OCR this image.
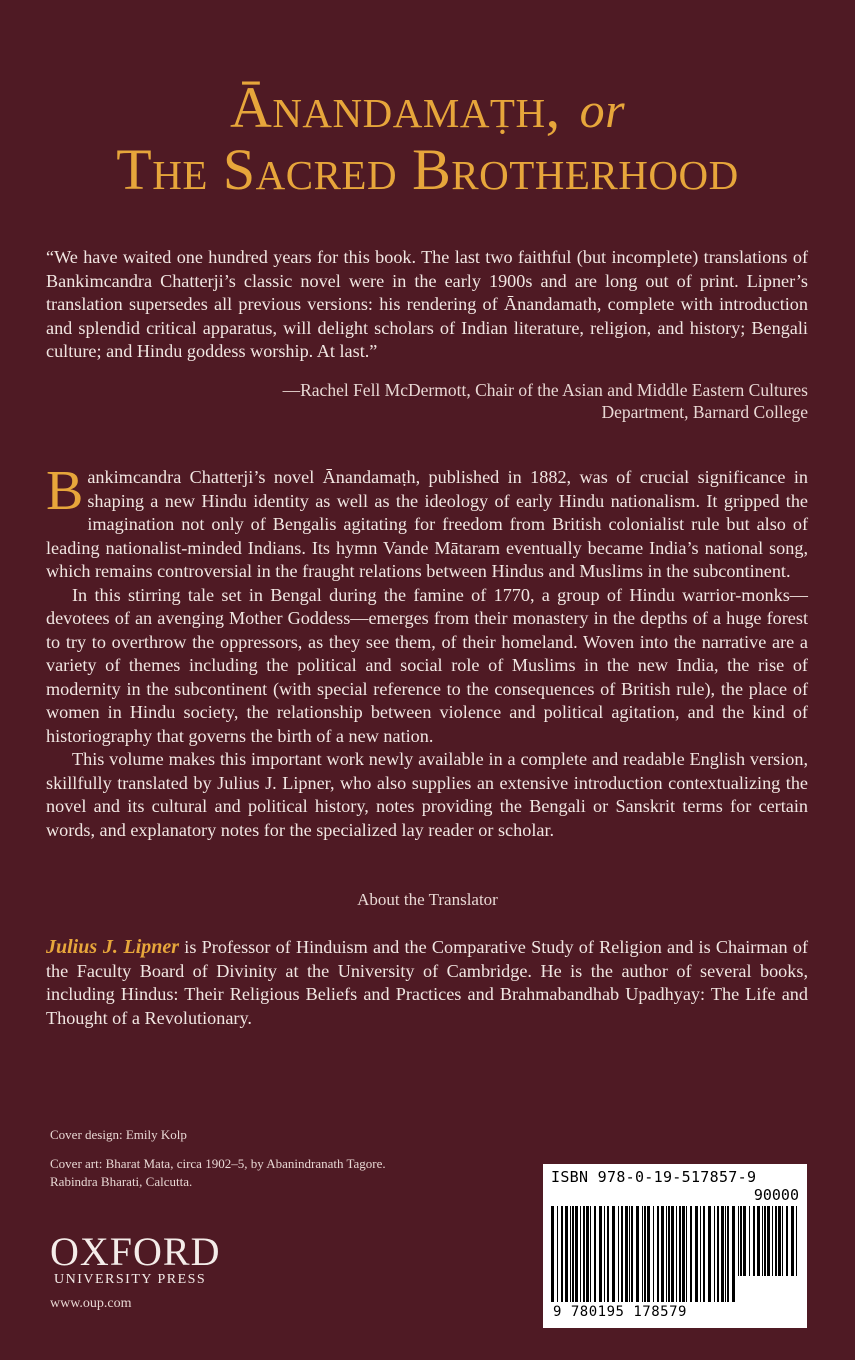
Ānandamaṭh, or
The Sacred Brotherhood
“We have waited one hundred years for this book. The last two faithful (but incomplete) translations of Bankimcandra Chatterji’s classic novel were in the early 1900s and are long out of print. Lipner’s translation supersedes all previous versions: his rendering of Ānandamath, complete with introduction and splendid critical apparatus, will delight scholars of Indian literature, religion, and history; Bengali culture; and Hindu goddess worship. At last.”
—Rachel Fell McDermott, Chair of the Asian and Middle Eastern Cultures
Department, Barnard College

Bankimcandra Chatterji’s novel Ānandamaṭh, published in 1882, was of crucial significance in shaping a new Hindu identity as well as the ideology of early Hindu nationalism. It gripped the imagination not only of Bengalis agitating for freedom from British colonialist rule but also of leading nationalist-minded Indians. Its hymn Vande Mātaram eventually became India’s national song, which remains controversial in the fraught relations between Hindus and Muslims in the subcontinent.

In this stirring tale set in Bengal during the famine of 1770, a group of Hindu warrior-monks—devotees of an avenging Mother Goddess—emerges from their monastery in the depths of a huge forest to try to overthrow the oppressors, as they see them, of their homeland. Woven into the narrative are a variety of themes including the political and social role of Muslims in the new India, the rise of modernity in the subcontinent (with special reference to the consequences of British rule), the place of women in Hindu society, the relationship between violence and political agitation, and the kind of historiography that governs the birth of a new nation.

This volume makes this important work newly available in a complete and readable English version, skillfully translated by Julius J. Lipner, who also supplies an extensive introduction contextualizing the novel and its cultural and political history, notes providing the Bengali or Sanskrit terms for certain words, and explanatory notes for the specialized lay reader or scholar.

About the Translator
Julius J. Lipner is Professor of Hinduism and the Comparative Study of Religion and is Chairman of the Faculty Board of Divinity at the University of Cambridge. He is the author of several books, including Hindus: Their Religious Beliefs and Practices and Brahmabandhab Upadhyay: The Life and Thought of a Revolutionary.
Cover design: Emily Kolp
Cover art: Bharat Mata, circa 1902–5, by Abanindranath Tagore.
Rabindra Bharati, Calcutta.
OXFORD
UNIVERSITY PRESS
www.oup.com
ISBN 978-0-19-517857-9
90000
9 780195 178579
